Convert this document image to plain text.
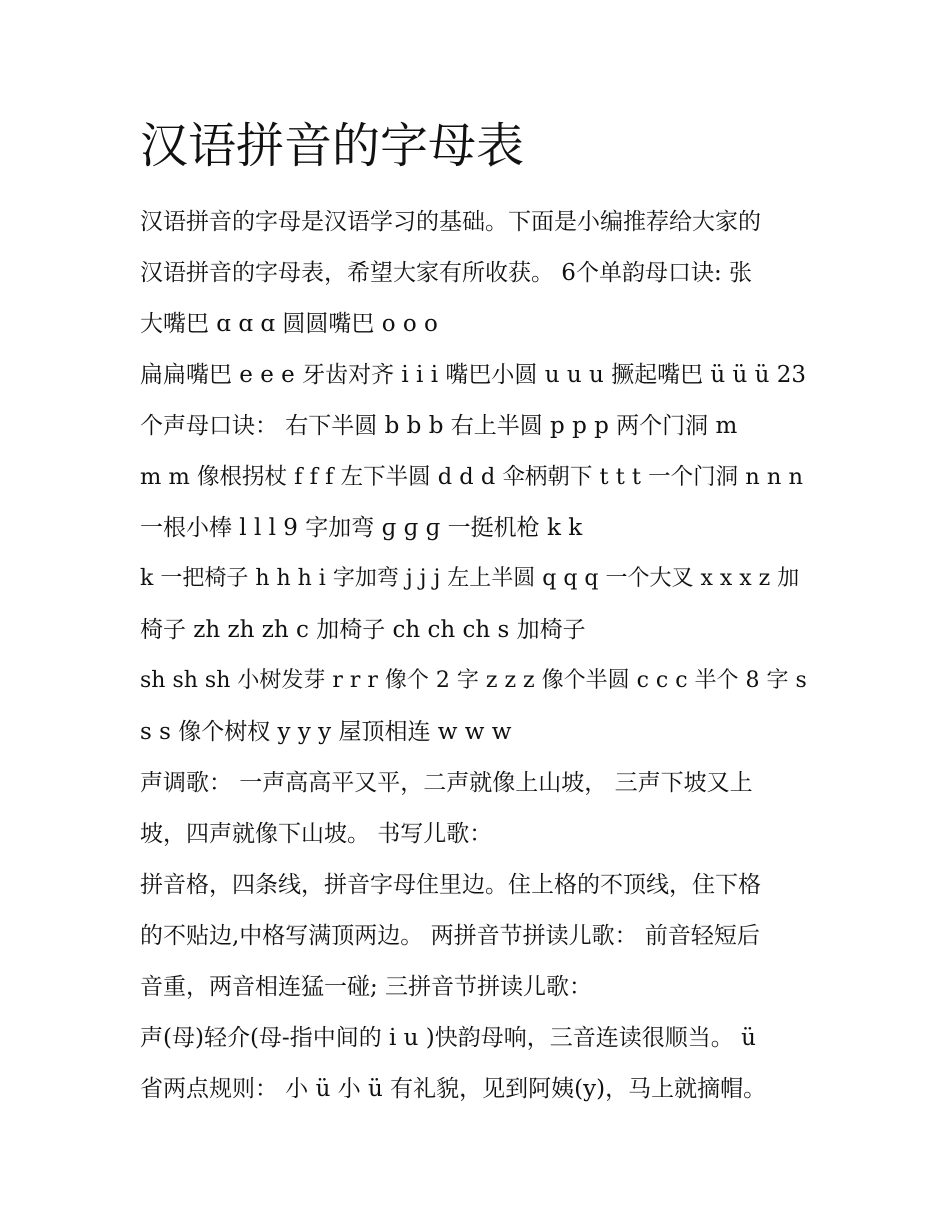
汉语拼音的字母表

汉语拼音的字母是汉语学习的基础。下面是小编推荐给大家的

汉语拼音的字母表，希望大家有所收获。 6个单韵母口诀: 张

大嘴巴 ɑ ɑ ɑ 圆圆嘴巴 o o o

扁扁嘴巴 e e e 牙齿对齐 i i i 嘴巴小圆 u u u 撅起嘴巴 ü ü ü 23

个声母口诀： 右下半圆 b b b 右上半圆 p p p 两个门洞 m

m m 像根拐杖 f f f 左下半圆 d d d 伞柄朝下 t t t 一个门洞 n n n

一根小棒 l l l 9 字加弯 ɡ ɡ ɡ 一挺机枪 k k

k 一把椅子 h h h i 字加弯 j j j 左上半圆 q q q 一个大叉 x x x z 加

椅子 zh zh zh c 加椅子 ch ch ch s 加椅子

sh sh sh 小树发芽 r r r 像个 2 字 z z z 像个半圆 c c c 半个 8 字 s

s s 像个树杈 y y y 屋顶相连 w w w

声调歌： 一声高高平又平，二声就像上山坡， 三声下坡又上

坡，四声就像下山坡。 书写儿歌：

拼音格，四条线，拼音字母住里边。住上格的不顶线，住下格

的不贴边,中格写满顶两边。 两拼音节拼读儿歌： 前音轻短后

音重，两音相连猛一碰; 三拼音节拼读儿歌：

声(母)轻介(母-指中间的 i u )快韵母响，三音连读很顺当。 ü

省两点规则： 小 ü 小 ü 有礼貌，见到阿姨(y)，马上就摘帽。
